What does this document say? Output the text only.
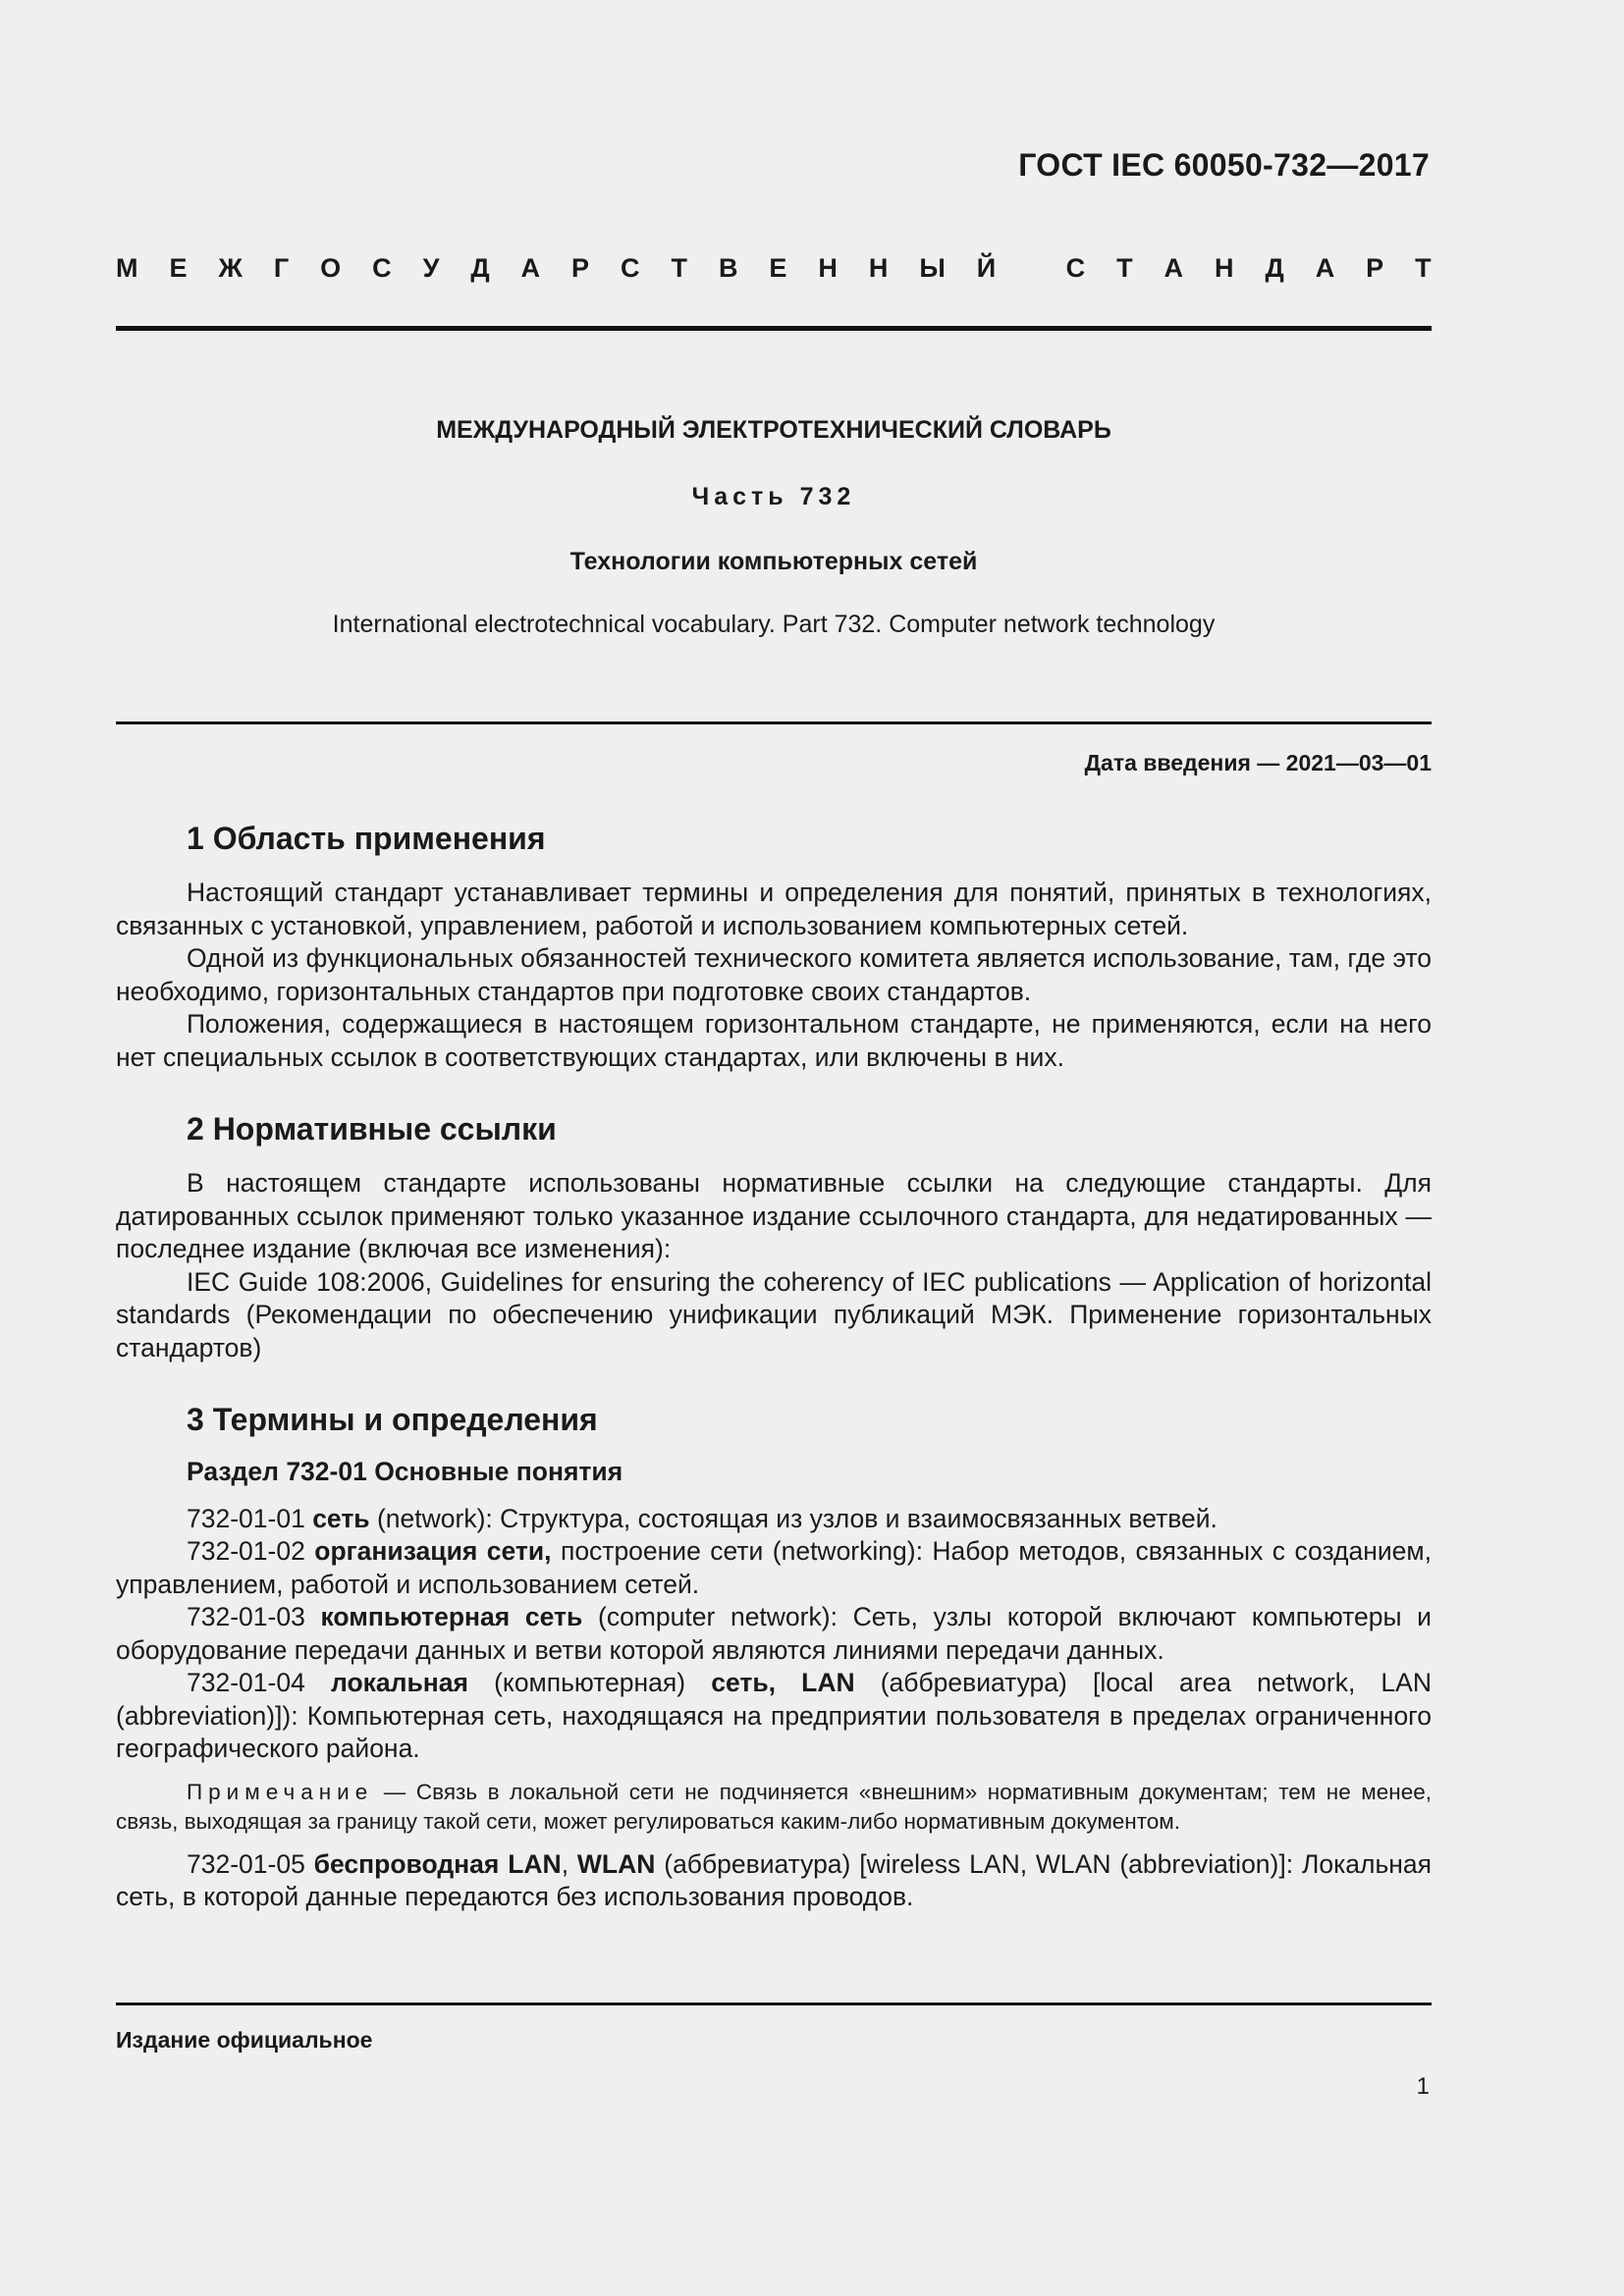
ГОСТ IEC 60050-732—2017
М Е Ж Г О С У Д А Р С Т В Е Н Н Ы Й
	С Т А Н Д А Р Т
МЕЖДУНАРОДНЫЙ ЭЛЕКТРОТЕХНИЧЕСКИЙ СЛОВАРЬ
Часть 732
Технологии компьютерных сетей
International electrotechnical vocabulary. Part 732. Computer network technology
Дата введения — 2021—03—01
1 Область применения

Настоящий стандарт устанавливает термины и определения для понятий, принятых в технологиях, связанных с установкой, управлением, работой и использованием компьютерных сетей.

Одной из функциональных обязанностей технического комитета является использование, там, где это необходимо, горизонтальных стандартов при подготовке своих стандартов.

Положения, содержащиеся в настоящем горизонтальном стандарте, не применяются, если на него нет специальных ссылок в соответствующих стандартах, или включены в них.

2 Нормативные ссылки

В настоящем стандарте использованы нормативные ссылки на следующие стандарты. Для датированных ссылок применяют только указанное издание ссылочного стандарта, для недатированных — последнее издание (включая все изменения):

IEC Guide 108:2006, Guidelines for ensuring the coherency of IEC publications — Application of horizontal standards (Рекомендации по обеспечению унификации публикаций МЭК. Применение горизонтальных стандартов)

3 Термины и определения

Раздел 732-01 Основные понятия

732-01-01 сеть (network): Структура, состоящая из узлов и взаимосвязанных ветвей.

732-01-02 организация сети, построение сети (networking): Набор методов, связанных с созданием, управлением, работой и использованием сетей.

732-01-03 компьютерная сеть (computer network): Сеть, узлы которой включают компьютеры и оборудование передачи данных и ветви которой являются линиями передачи данных.

732-01-04 локальная (компьютерная) сеть, LAN (аббревиатура) [local area network, LAN (abbreviation)]): Компьютерная сеть, находящаяся на предприятии пользователя в пределах ограниченного географического района.

Примечание — Связь в локальной сети не подчиняется «внешним» нормативным документам; тем не менее, связь, выходящая за границу такой сети, может регулироваться каким-либо нормативным документом.

732-01-05 беспроводная LAN, WLAN (аббревиатура) [wireless LAN, WLAN (abbreviation)]: Локальная сеть, в которой данные передаются без использования проводов.

Издание официальное
1
